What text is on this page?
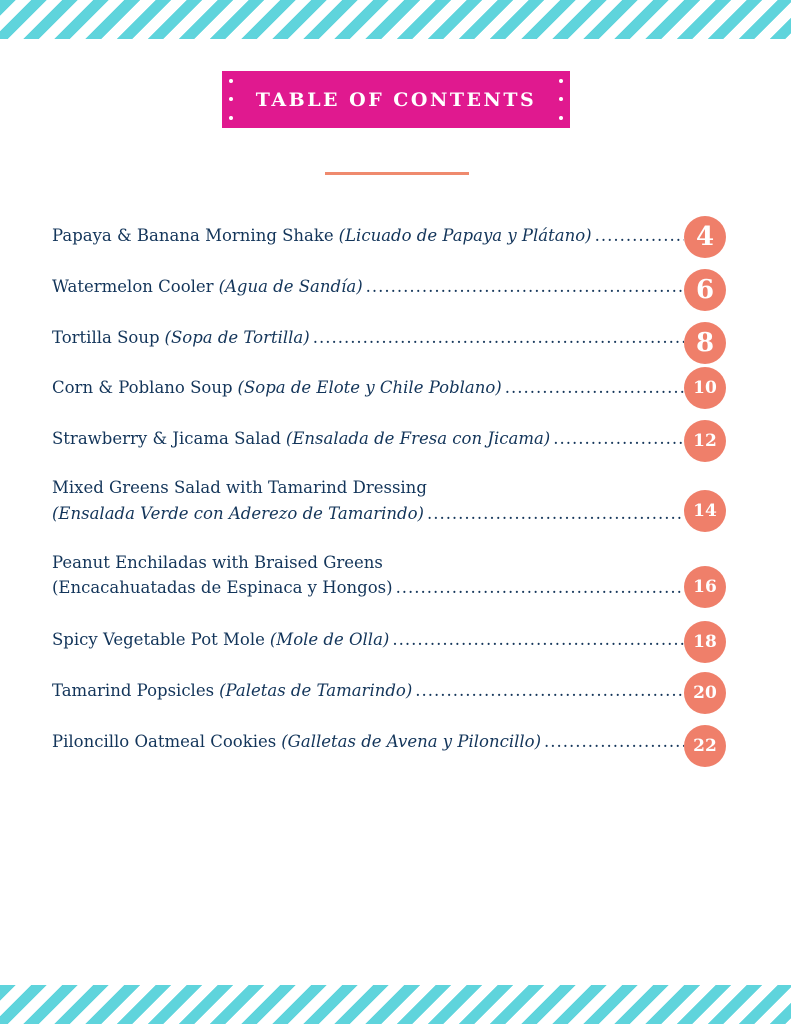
TABLE OF CONTENTS
Papaya & Banana Morning Shake (Licuado de Papaya y Plátano) .....	4
Watermelon Cooler (Agua de Sandía) .....	6
Tortilla Soup (Sopa de Tortilla) .....	8
Corn & Poblano Soup (Sopa de Elote y Chile Poblano) .....	10
Strawberry & Jicama Salad (Ensalada de Fresa con Jicama) .....	12
Mixed Greens Salad with Tamarind Dressing
(Ensalada Verde con Aderezo de Tamarindo) .....	14
Peanut Enchiladas with Braised Greens
(Encacahuatadas de Espinaca y Hongos) .....	16
Spicy Vegetable Pot Mole (Mole de Olla) .....	18
Tamarind Popsicles (Paletas de Tamarindo) .....	20
Piloncillo Oatmeal Cookies (Galletas de Avena y Piloncillo) .....	22
